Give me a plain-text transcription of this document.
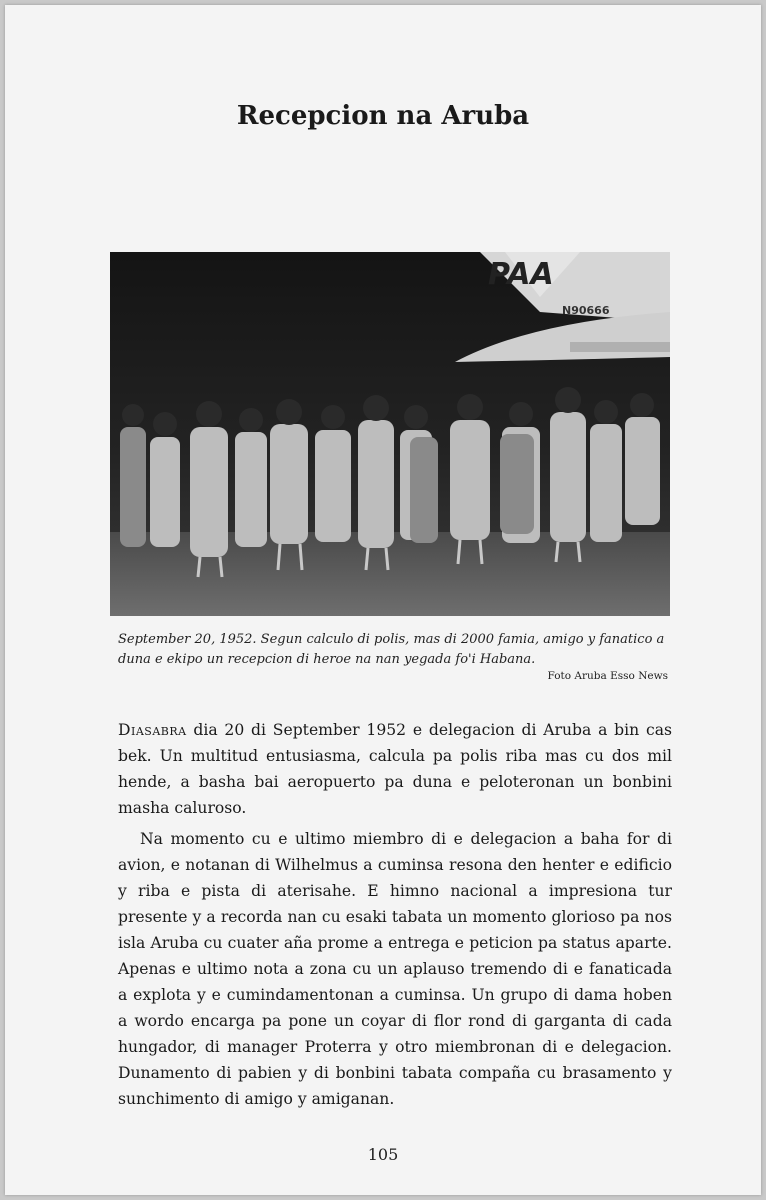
Recepcion na Aruba
PAA
N90666

September 20, 1952. Segun calculo di polis, mas di 2000 famia, amigo y fanatico a duna e ekipo un recepcion di heroe na nan yegada fo'i Habana.

Foto Aruba Esso News

Diasabra dia 20 di September 1952 e delegacion di Aruba a bin cas bek. Un multitud entusiasma, calcula pa polis riba mas cu dos mil hende, a basha bai aeropuerto pa duna e peloteronan un bonbini masha caluroso.

Na momento cu e ultimo miembro di e delegacion a baha for di avion, e notanan di Wilhelmus a cuminsa resona den henter e edificio y riba e pista di aterisahe. E himno nacional a impresiona tur presente y a recorda nan cu esaki tabata un momento glorioso pa nos isla Aruba cu cuater aña prome a entrega e peticion pa status aparte. Apenas e ultimo nota a zona cu un aplauso tremendo di e fanaticada a explota y e cumindamentonan a cuminsa. Un grupo di dama hoben a wordo encarga pa pone un coyar di flor rond di garganta di cada hungador, di manager Proterra y otro miembronan di e delegacion. Dunamento di pabien y di bonbini tabata compaña cu brasamento y sunchimento di amigo y amiganan.

105
